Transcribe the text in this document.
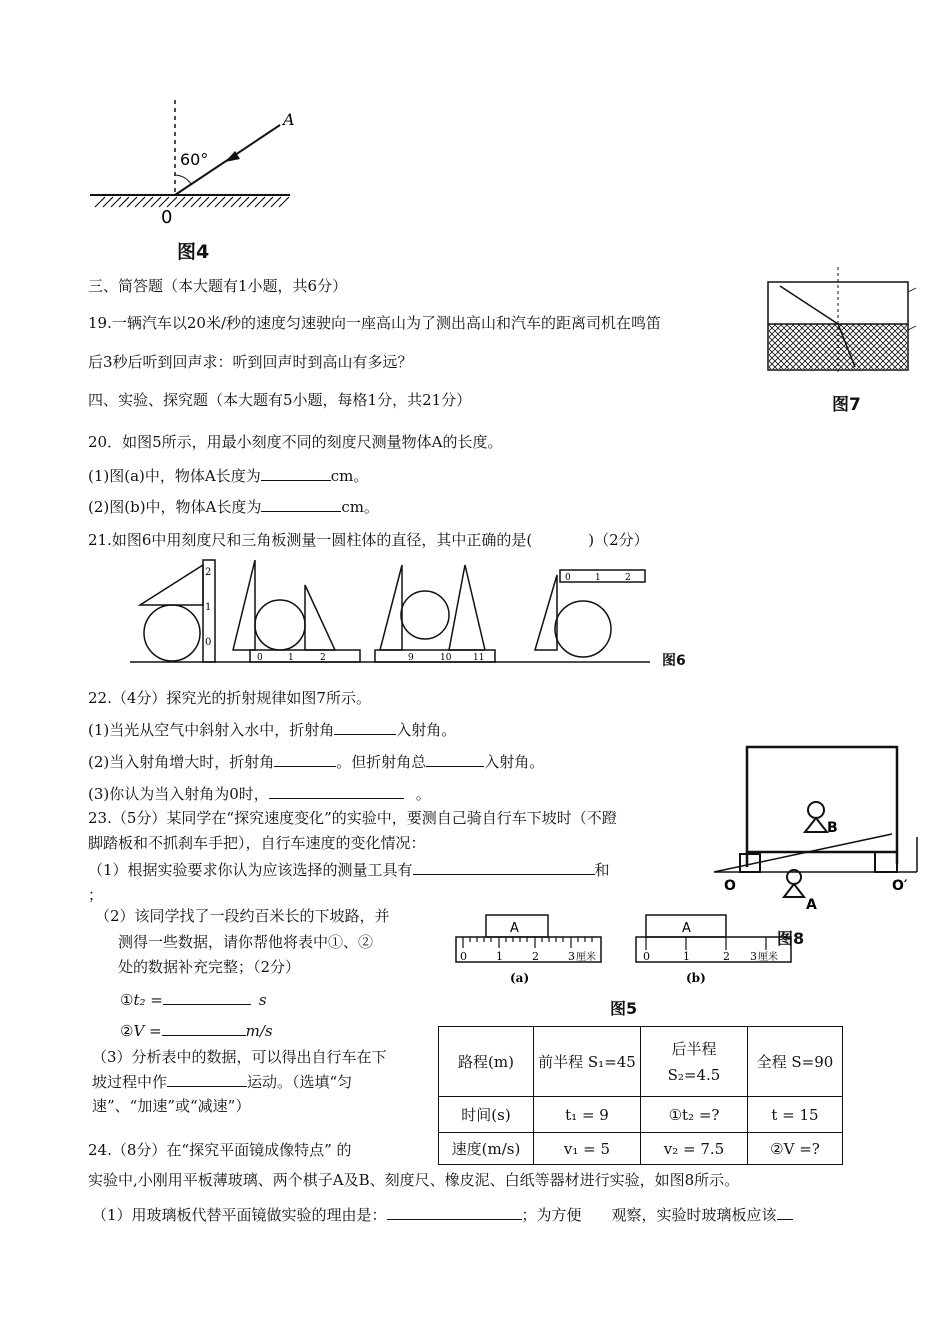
A
60°
0
图4
图7
三、简答题（本大题有1小题，共6分）
19.一辆汽车以20米/秒的速度匀速驶向一座高山为了测出高山和汽车的距离司机在鸣笛
后3秒后听到回声求：听到回声时到高山有多远？
四、实验、探究题（本大题有5小题，每格1分，共21分）
20．如图5所示，用最小刻度不同的刻度尺测量物体A的长度。
(1)图(a)中，物体A长度为	cm。
(2)图(b)中，物体A长度为	cm。
21.如图6中用刻度尺和三角板测量一圆柱体的直径，其中正确的是(	)（2分）
2
1
0
0	1	2	9	10 11
0	1	2
图6
22.（4分）探究光的折射规律如图7所示。
(1)当光从空气中斜射入水中，折射角	入射角。
(2)当入射角增大时，折射角	。但折射角总	入射角。
(3)你认为当入射角为0时，	。
B
A
O	O′
图8
23.（5分）某同学在“探究速度变化”的实验中，要测自己骑自行车下坡时（不蹬
脚踏板和不抓刹车手把），自行车速度的变化情况：
（1）根据实验要求你认为应该选择的测量工具有	和
；
（2）该同学找了一段约百米长的下坡路，并
测得一些数据，请你帮他将表中①、②
处的数据补充完整；（2分）
①t₂ =	s
②V =	m/s
（3）分析表中的数据，可以得出自行车在下
坡过程中作	运动。（选填“匀
速”、“加速”或“减速”）
A
0	1	2	3 厘米
(a)
A
0	1	2 3 厘米
(b)
图5
路程(m)	前半程 S₁=45	后半程 S₂=4.5	全程 S=90
时间(s)	t₁ = 9	①t₂ =?	t = 15
速度(m/s)	v₁ = 5	v₂ = 7.5	②V =?
24.（8分）在“探究平面镜成像特点” 的
实验中,小刚用平板薄玻璃、两个棋子A及B、刻度尺、橡皮泥、白纸等器材进行实验，如图8所示。
（1）用玻璃板代替平面镜做实验的理由是：	；为方便　　观察，实验时玻璃板应该
